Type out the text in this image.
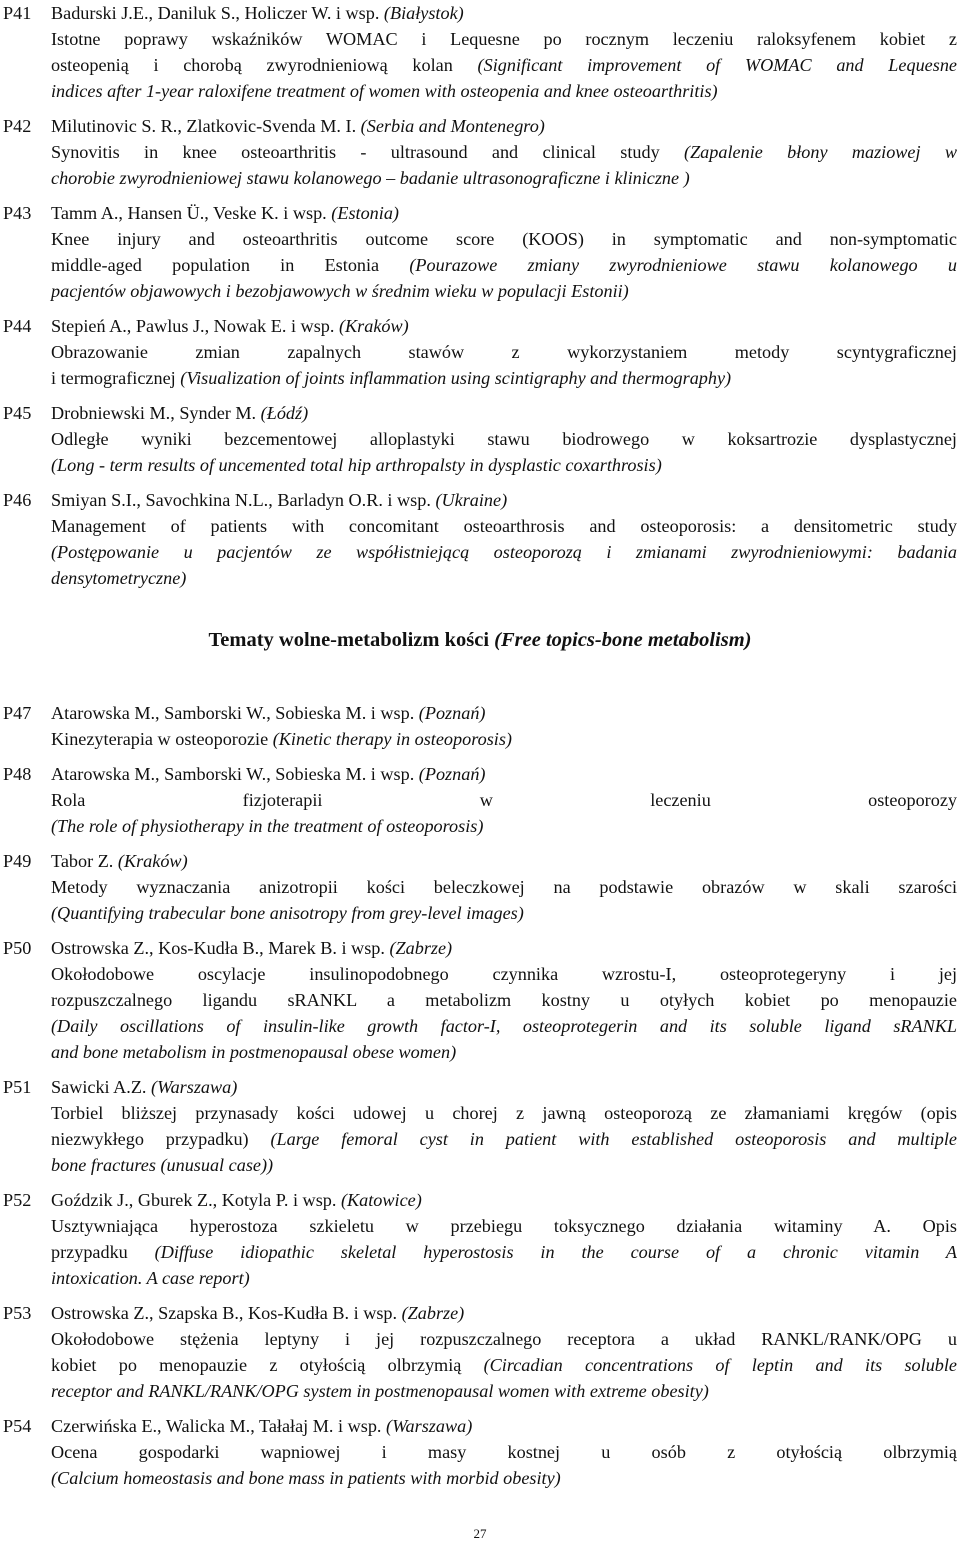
P41	Badurski J.E., Daniluk S., Holiczer W. i wsp. (Białystok)
Istotne poprawy wskaźników WOMAC i Lequesne po rocznym leczeniu raloksyfenem kobiet z
osteopenią i chorobą zwyrodnieniową kolan (Significant improvement of WOMAC and Lequesne
indices after 1-year raloxifene treatment of women with osteopenia and knee osteoarthritis)
P42	Milutinovic S. R., Zlatkovic-Svenda M. I. (Serbia and Montenegro)
Synovitis in knee osteoarthritis - ultrasound and clinical study (Zapalenie błony maziowej w
chorobie zwyrodnieniowej stawu kolanowego – badanie ultrasonograficzne i kliniczne )
P43	Tamm A., Hansen Ü., Veske K. i wsp. (Estonia)
Knee injury and osteoarthritis outcome score (KOOS) in symptomatic and non-symptomatic
middle-aged population in Estonia (Pourazowe zmiany zwyrodnieniowe stawu kolanowego u
pacjentów objawowych i bezobjawowych w średnim wieku w populacji Estonii)
P44	Stepień A., Pawlus J., Nowak E. i wsp. (Kraków)
Obrazowanie zmian zapalnych stawów z wykorzystaniem metody scyntygraficznej
i termograficznej (Visualization of joints inflammation using scintigraphy and thermography)
P45	Drobniewski M., Synder M. (Łódź)
Odległe wyniki bezcementowej alloplastyki stawu biodrowego w koksartrozie dysplastycznej
(Long - term results of uncemented total hip arthropalsty in dysplastic coxarthrosis)
P46	Smiyan S.I., Savochkina N.L., Barladyn O.R. i wsp. (Ukraine)
Management of patients with concomitant osteoarthrosis and osteoporosis: a densitometric study
(Postępowanie u pacjentów ze współistniejącą osteoporozą i zmianami zwyrodnieniowymi: badania
densytometryczne)
Tematy wolne-metabolizm kości (Free topics-bone metabolism)
P47	Atarowska M., Samborski W., Sobieska M. i wsp. (Poznań)
Kinezyterapia w osteoporozie (Kinetic therapy in osteoporosis)
P48	Atarowska M., Samborski W., Sobieska M. i wsp. (Poznań)
Rola fizjoterapii w leczeniu osteoporozy
(The role of physiotherapy in the treatment of osteoporosis)
P49	Tabor Z. (Kraków)
Metody wyznaczania anizotropii kości beleczkowej na podstawie obrazów w skali szarości
(Quantifying trabecular bone anisotropy from grey-level images)
P50	Ostrowska Z., Kos-Kudła B., Marek B. i wsp. (Zabrze)
Okołodobowe oscylacje insulinopodobnego czynnika wzrostu-I, osteoprotegeryny i jej
rozpuszczalnego ligandu sRANKL a metabolizm kostny u otyłych kobiet po menopauzie
(Daily oscillations of insulin-like growth factor-I, osteoprotegerin and its soluble ligand sRANKL
and bone metabolism in postmenopausal obese women)
P51	Sawicki A.Z. (Warszawa)
Torbiel bliższej przynasady kości udowej u chorej z jawną osteoporozą ze złamaniami kręgów (opis
niezwykłego przypadku) (Large femoral cyst in patient with established osteoporosis and multiple
bone fractures (unusual case))
P52	Goździk J., Gburek Z., Kotyla P. i wsp. (Katowice)
Usztywniająca hyperostoza szkieletu w przebiegu toksycznego działania witaminy A. Opis
przypadku (Diffuse idiopathic skeletal hyperostosis in the course of a chronic vitamin A
intoxication. A case report)
P53	Ostrowska Z., Szapska B., Kos-Kudła B. i wsp. (Zabrze)
Okołodobowe stężenia leptyny i jej rozpuszczalnego receptora a układ RANKL/RANK/OPG u
kobiet po menopauzie z otyłością olbrzymią (Circadian concentrations of leptin and its soluble
receptor and RANKL/RANK/OPG system in postmenopausal women with extreme obesity)
P54	Czerwińska E., Walicka M., Tałałaj M. i wsp. (Warszawa)
Ocena gospodarki wapniowej i masy kostnej u osób z otyłością olbrzymią
(Calcium homeostasis and bone mass in patients with morbid obesity)
27
